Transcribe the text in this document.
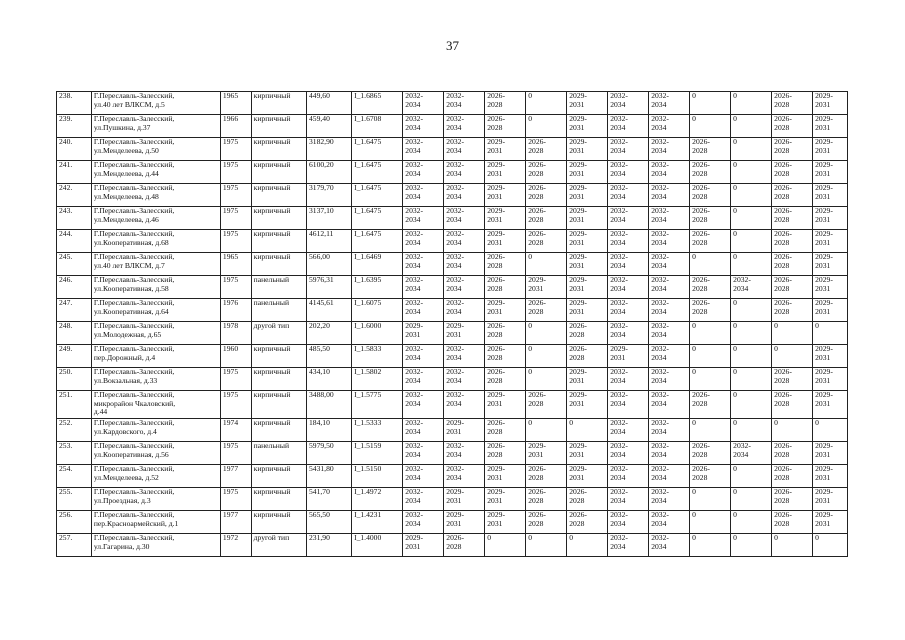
37
238.	Г.Переславль-Залесский,
ул.40 лет ВЛКСМ, д.5	1965	кирпичный	449,60	I_1.6865	2032-
2034	2032-
2034	2026-
2028	0	2029-
2031	2032-
2034	2032-
2034	0	0	2026-
2028	2029-
2031
239.	Г.Переславль-Залесский,
ул.Пушкина, д.37	1966	кирпичный	459,40	I_1.6708	2032-
2034	2032-
2034	2026-
2028	0	2029-
2031	2032-
2034	2032-
2034	0	0	2026-
2028	2029-
2031
240.	Г.Переславль-Залесский,
ул.Менделеева, д.50	1975	кирпичный	3182,90	I_1.6475	2032-
2034	2032-
2034	2029-
2031	2026-
2028	2029-
2031	2032-
2034	2032-
2034	2026-
2028	0	2026-
2028	2029-
2031
241.	Г.Переславль-Залесский,
ул.Менделеева, д.44	1975	кирпичный	6100,20	I_1.6475	2032-
2034	2032-
2034	2029-
2031	2026-
2028	2029-
2031	2032-
2034	2032-
2034	2026-
2028	0	2026-
2028	2029-
2031
242.	Г.Переславль-Залесский,
ул.Менделеева, д.48	1975	кирпичный	3179,70	I_1.6475	2032-
2034	2032-
2034	2029-
2031	2026-
2028	2029-
2031	2032-
2034	2032-
2034	2026-
2028	0	2026-
2028	2029-
2031
243.	Г.Переславль-Залесский,
ул.Менделеева, д.46	1975	кирпичный	3137,10	I_1.6475	2032-
2034	2032-
2034	2029-
2031	2026-
2028	2029-
2031	2032-
2034	2032-
2034	2026-
2028	0	2026-
2028	2029-
2031
244.	Г.Переславль-Залесский,
ул.Кооперативная, д.68	1975	кирпичный	4612,11	I_1.6475	2032-
2034	2032-
2034	2029-
2031	2026-
2028	2029-
2031	2032-
2034	2032-
2034	2026-
2028	0	2026-
2028	2029-
2031
245.	Г.Переславль-Залесский,
ул.40 лет ВЛКСМ, д.7	1965	кирпичный	566,00	I_1.6469	2032-
2034	2032-
2034	2026-
2028	0	2029-
2031	2032-
2034	2032-
2034	0	0	2026-
2028	2029-
2031
246.	Г.Переславль-Залесский,
ул.Кооперативная, д.58	1975	панельный	5976,31	I_1.6395	2032-
2034	2032-
2034	2026-
2028	2029-
2031	2029-
2031	2032-
2034	2032-
2034	2026-
2028	2032-
2034	2026-
2028	2029-
2031
247.	Г.Переславль-Залесский,
ул.Кооперативная, д.64	1976	панельный	4145,61	I_1.6075	2032-
2034	2032-
2034	2029-
2031	2026-
2028	2029-
2031	2032-
2034	2032-
2034	2026-
2028	0	2026-
2028	2029-
2031
248.	Г.Переславль-Залесский,
ул.Молодежная, д.65	1978	другой тип	202,20	I_1.6000	2029-
2031	2029-
2031	2026-
2028	0	2026-
2028	2032-
2034	2032-
2034	0	0	0	0
249.	Г.Переславль-Залесский,
пер.Дорожный, д.4	1960	кирпичный	485,50	I_1.5833	2032-
2034	2032-
2034	2026-
2028	0	2026-
2028	2029-
2031	2032-
2034	0	0	0	2029-
2031
250.	Г.Переславль-Залесский,
ул.Вокзальная, д.33	1975	кирпичный	434,10	I_1.5802	2032-
2034	2032-
2034	2026-
2028	0	2029-
2031	2032-
2034	2032-
2034	0	0	2026-
2028	2029-
2031
251.	Г.Переславль-Залесский,
микрорайон Чкаловский,
д.44	1975	кирпичный	3488,00	I_1.5775	2032-
2034	2032-
2034	2029-
2031	2026-
2028	2029-
2031	2032-
2034	2032-
2034	2026-
2028	0	2026-
2028	2029-
2031
252.	Г.Переславль-Залесский,
ул.Кардовского, д.4	1974	кирпичный	184,10	I_1.5333	2032-
2034	2029-
2031	2026-
2028	0	0	2032-
2034	2032-
2034	0	0	0	0
253.	Г.Переславль-Залесский,
ул.Кооперативная, д.56	1975	панельный	5979,50	I_1.5159	2032-
2034	2032-
2034	2026-
2028	2029-
2031	2029-
2031	2032-
2034	2032-
2034	2026-
2028	2032-
2034	2026-
2028	2029-
2031
254.	Г.Переславль-Залесский,
ул.Менделеева, д.52	1977	кирпичный	5431,80	I_1.5150	2032-
2034	2032-
2034	2029-
2031	2026-
2028	2029-
2031	2032-
2034	2032-
2034	2026-
2028	0	2026-
2028	2029-
2031
255.	Г.Переславль-Залесский,
ул.Проездная, д.3	1975	кирпичный	541,70	I_1.4972	2032-
2034	2029-
2031	2029-
2031	2026-
2028	2026-
2028	2032-
2034	2032-
2034	0	0	2026-
2028	2029-
2031
256.	Г.Переславль-Залесский,
пер.Красноармейский, д.1	1977	кирпичный	565,50	I_1.4231	2032-
2034	2029-
2031	2029-
2031	2026-
2028	2026-
2028	2032-
2034	2032-
2034	0	0	2026-
2028	2029-
2031
257.	Г.Переславль-Залесский,
ул.Гагарина, д.30	1972	другой тип	231,90	I_1.4000	2029-
2031	2026-
2028	0	0	0	2032-
2034	2032-
2034	0	0	0	0
